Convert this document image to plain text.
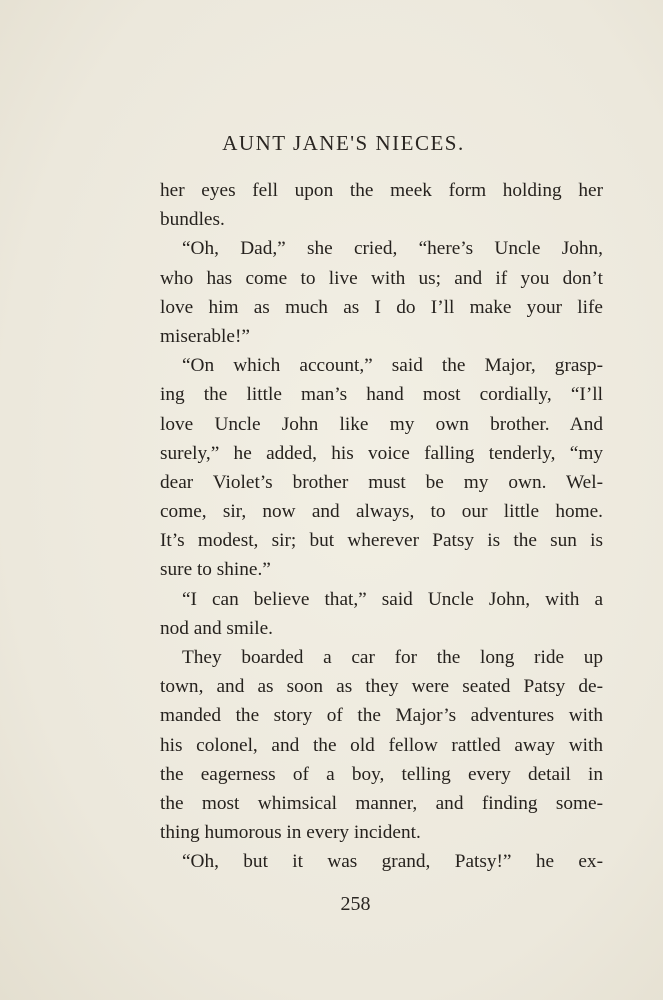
AUNT JANE'S NIECES.
her eyes fell upon the meek form holding her
bundles.
“Oh, Dad,” she cried, “here’s Uncle John,
who has come to live with us; and if you don’t
love him as much as I do I’ll make your life
miserable!”
“On which account,” said the Major, grasp-
ing the little man’s hand most cordially, “I’ll
love Uncle John like my own brother. And
surely,” he added, his voice falling tenderly, “my
dear Violet’s brother must be my own. Wel-
come, sir, now and always, to our little home.
It’s modest, sir; but wherever Patsy is the sun is
sure to shine.”
“I can believe that,” said Uncle John, with a
nod and smile.
They boarded a car for the long ride up
town, and as soon as they were seated Patsy de-
manded the story of the Major’s adventures with
his colonel, and the old fellow rattled away with
the eagerness of a boy, telling every detail in
the most whimsical manner, and finding some-
thing humorous in every incident.
“Oh, but it was grand, Patsy!” he ex-
258
